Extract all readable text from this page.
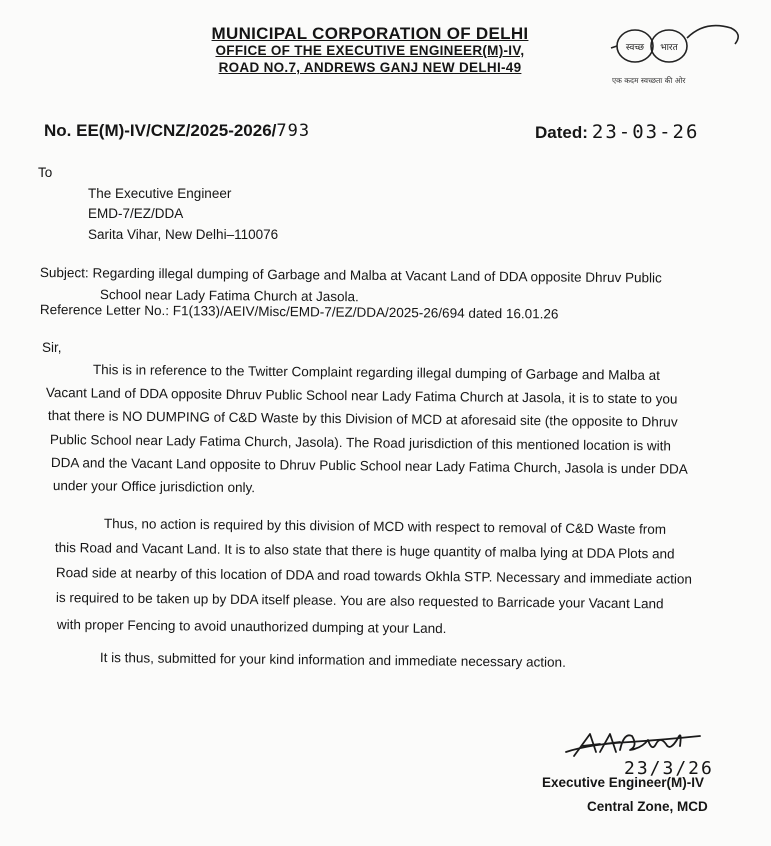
MUNICIPAL CORPORATION OF DELHI
OFFICE OF THE EXECUTIVE ENGINEER(M)-IV,
ROAD NO.7, ANDREWS GANJ NEW DELHI-49
स्वच्छ भारत
एक कदम स्वच्छता की ओर
No. EE(M)-IV/CNZ/2025-2026/793	Dated: 23-03-26
To
The Executive Engineer
EMD-7/EZ/DDA
Sarita Vihar, New Delhi–110076
Subject: Regarding illegal dumping of Garbage and Malba at Vacant Land of DDA opposite Dhruv Public
School near Lady Fatima Church at Jasola.
Reference Letter No.: F1(133)/AEIV/Misc/EMD-7/EZ/DDA/2025-26/694 dated 16.01.26
Sir,
This is in reference to the Twitter Complaint regarding illegal dumping of Garbage and Malba at
Vacant Land of DDA opposite Dhruv Public School near Lady Fatima Church at Jasola, it is to state to you
that there is NO DUMPING of C&D Waste by this Division of MCD at aforesaid site (the opposite to Dhruv
Public School near Lady Fatima Church, Jasola). The Road jurisdiction of this mentioned location is with
DDA and the Vacant Land opposite to Dhruv Public School near Lady Fatima Church, Jasola is under DDA
under your Office jurisdiction only.
Thus, no action is required by this division of MCD with respect to removal of C&D Waste from
this Road and Vacant Land. It is to also state that there is huge quantity of malba lying at DDA Plots and
Road side at nearby of this location of DDA and road towards Okhla STP. Necessary and immediate action
is required to be taken up by DDA itself please. You are also requested to Barricade your Vacant Land
with proper Fencing to avoid unauthorized dumping at your Land.
It is thus, submitted for your kind information and immediate necessary action.
23/3/26
Executive Engineer(M)-IV
Central Zone, MCD
